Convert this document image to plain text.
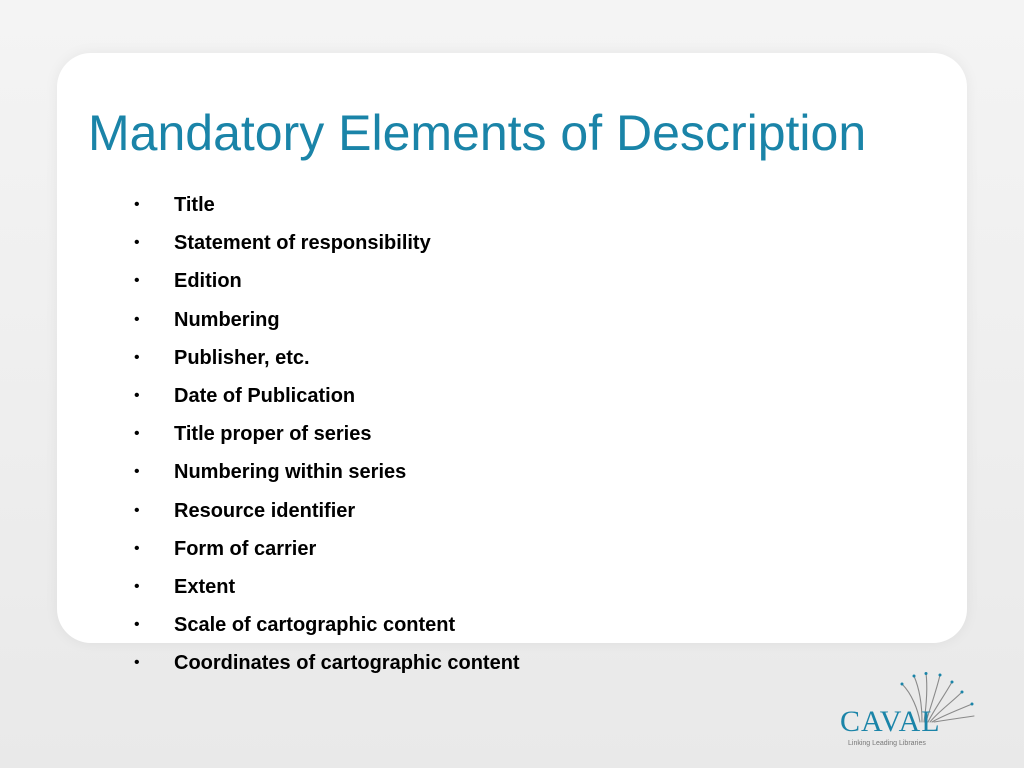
Mandatory Elements of Description
• Title
• Statement of responsibility
• Edition
• Numbering
• Publisher, etc.
• Date of Publication
• Title proper of series
• Numbering within series
• Resource identifier
• Form of carrier
• Extent
• Scale of cartographic content
• Coordinates of cartographic content
CAVAL
Linking Leading Libraries
